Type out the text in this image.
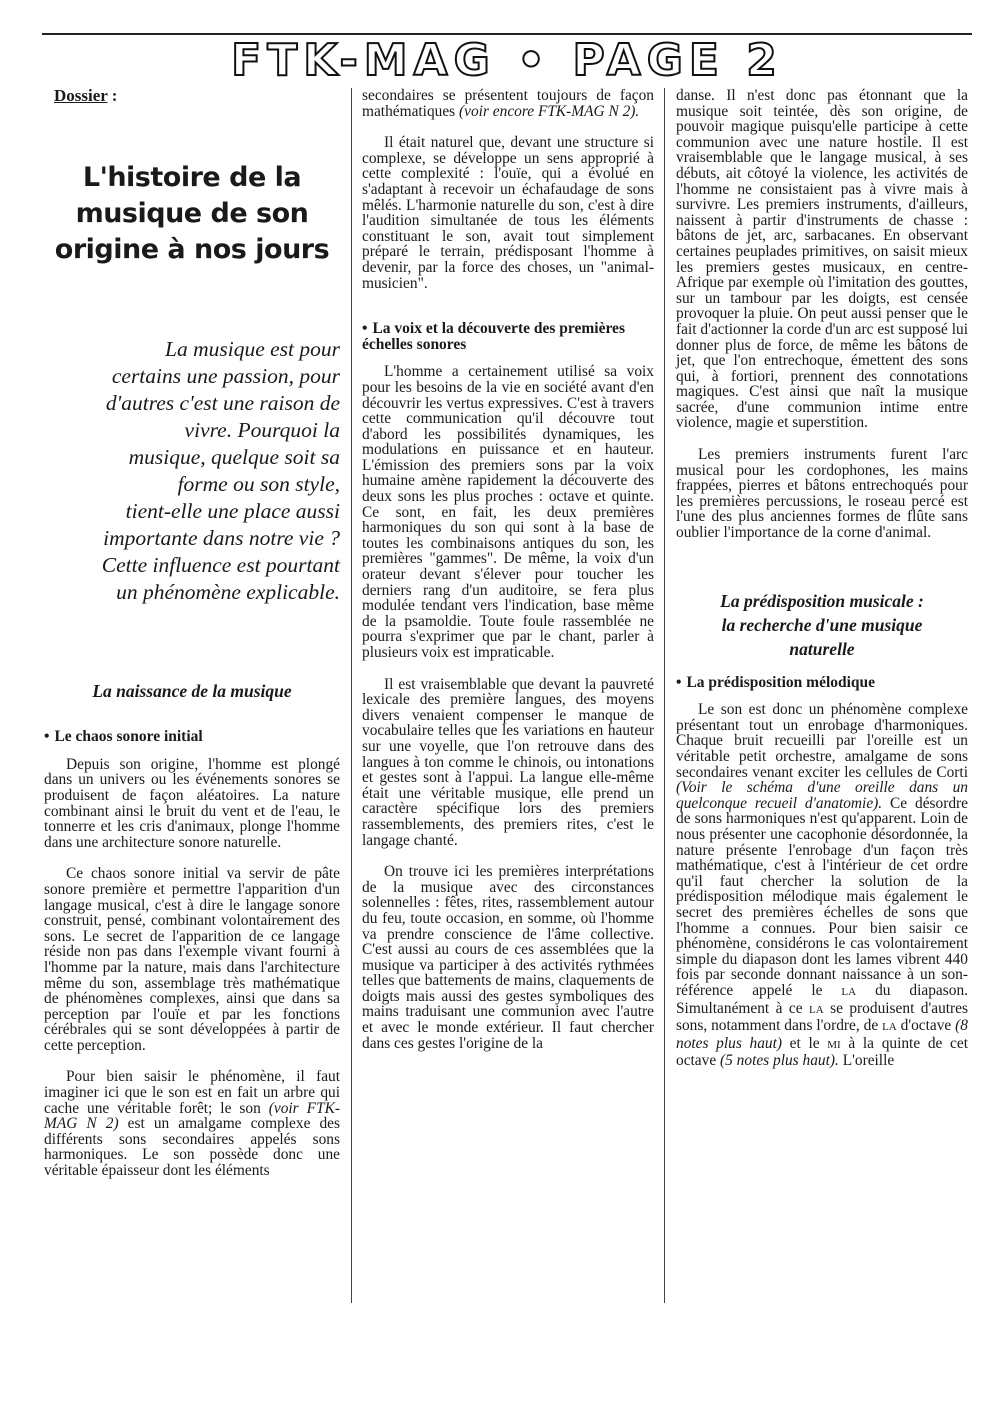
FTK-MAG • PAGE 2
Dossier :
L'histoire de la
musique de son
origine à nos jours
La musique est pour
certains une passion, pour
d'autres c'est une raison de
vivre. Pourquoi la
musique, quelque soit sa
forme ou son style,
tient-elle une place aussi
importante dans notre vie ?
Cette influence est pourtant
un phénomène explicable.

La naissance de la musique

• Le chaos sonore initial

Depuis son origine, l'homme est plongé dans un univers ou les événements sonores se produisent de façon aléatoires. La nature combinant ainsi le bruit du vent et de l'eau, le tonnerre et les cris d'animaux, plonge l'homme dans une architecture sonore naturelle.

Ce chaos sonore initial va servir de pâte sonore première et permettre l'apparition d'un langage musical, c'est à dire le langage sonore construit, pensé, combinant volontairement des sons. Le secret de l'apparition de ce langage réside non pas dans l'exemple vivant fourni à l'homme par la nature, mais dans l'architecture même du son, assemblage très mathématique de phénomènes complexes, ainsi que dans sa perception par l'ouïe et par les fonctions cérébrales qui se sont développées à partir de cette perception.

Pour bien saisir le phénomène, il faut imaginer ici que le son est en fait un arbre qui cache une véritable forêt; le son (voir FTK-MAG N 2) est un amalgame complexe des différents sons secondaires appelés sons harmoniques. Le son possède donc une véritable épaisseur dont les éléments

secondaires se présentent toujours de façon mathématiques (voir encore FTK-MAG N 2).

Il était naturel que, devant une structure si complexe, se développe un sens approprié à cette complexité : l'ouïe, qui a évolué en s'adaptant à recevoir un échafaudage de sons mêlés. L'harmonie naturelle du son, c'est à dire l'audition simultanée de tous les éléments constituant le son, avait tout simplement préparé le terrain, prédisposant l'homme à devenir, par la force des choses, un "animal-musicien".

• La voix et la découverte des premières échelles sonores

L'homme a certainement utilisé sa voix pour les besoins de la vie en société avant d'en découvrir les vertus expressives. C'est à travers cette communication qu'il découvre tout d'abord les possibilités dynamiques, les modulations en puissance et en hauteur. L'émission des premiers sons par la voix humaine amène rapidement la découverte des deux sons les plus proches : octave et quinte. Ce sont, en fait, les deux premières harmoniques du son qui sont à la base de toutes les combinaisons antiques du son, les premières "gammes". De même, la voix d'un orateur devant s'élever pour toucher les derniers rang d'un auditoire, se fera plus modulée tendant vers l'indication, base même de la psamoldie. Toute foule rassemblée ne pourra s'exprimer que par le chant, parler à plusieurs voix est impraticable.

Il est vraisemblable que devant la pauvreté lexicale des première langues, des moyens divers venaient compenser le manque de vocabulaire telles que les variations en hauteur sur une voyelle, que l'on retrouve dans des langues à ton comme le chinois, ou intonations et gestes sont à l'appui. La langue elle-même était une véritable musique, elle prend un caractère spécifique lors des premiers rassemblements, des premiers rites, c'est le langage chanté.

On trouve ici les premières interprétations de la musique avec des circonstances solennelles : fêtes, rites, rassemblement autour du feu, toute occasion, en somme, où l'homme va prendre conscience de l'âme collective. C'est aussi au cours de ces assemblées que la musique va participer à des activités rythmées telles que battements de mains, claquements de doigts mais aussi des gestes symboliques des mains traduisant une communion avec l'autre et avec le monde extérieur. Il faut chercher dans ces gestes l'origine de la

danse. Il n'est donc pas étonnant que la musique soit teintée, dès son origine, de pouvoir magique puisqu'elle participe à cette communion avec une nature hostile. Il est vraisemblable que le langage musical, à ses débuts, ait côtoyé la violence, les activités de l'homme ne consistaient pas à vivre mais à survivre. Les premiers instruments, d'ailleurs, naissent à partir d'instruments de chasse : bâtons de jet, arc, sarbacanes. En observant certaines peuplades primitives, on saisit mieux les premiers gestes musicaux, en centre-Afrique par exemple où l'imitation des gouttes, sur un tambour par les doigts, est censée provoquer la pluie. On peut aussi penser que le fait d'actionner la corde d'un arc est supposé lui donner plus de force, de même les bâtons de jet, que l'on entrechoque, émettent des sons qui, à fortiori, prennent des connotations magiques. C'est ainsi que naît la musique sacrée, d'une communion intime entre violence, magie et superstition.

Les premiers instruments furent l'arc musical pour les cordophones, les mains frappées, pierres et bâtons entrechoqués pour les premières percussions, le roseau percé est l'une des plus anciennes formes de flûte sans oublier l'importance de la corne d'animal.

La prédisposition musicale :
la recherche d'une musique
naturelle

• La prédisposition mélodique

Le son est donc un phénomène complexe présentant tout un enrobage d'harmoniques. Chaque bruit recueilli par l'oreille est un véritable petit orchestre, amalgame de sons secondaires venant exciter les cellules de Corti (Voir le schéma d'une oreille dans un quelconque recueil d'anatomie). Ce désordre de sons harmoniques n'est qu'apparent. Loin de nous présenter une cacophonie désordonnée, la nature présente l'enrobage d'un façon très mathématique, c'est à l'intérieur de cet ordre qu'il faut chercher la solution de la prédisposition mélodique mais également le secret des premières échelles de sons que l'homme a connues. Pour bien saisir ce phénomène, considérons le cas volontairement simple du diapason dont les lames vibrent 440 fois par seconde donnant naissance à un son-référence appelé le LA du diapason. Simultanément à ce LA se produisent d'autres sons, notamment dans l'ordre, de LA d'octave (8 notes plus haut) et le MI à la quinte de cet octave (5 notes plus haut). L'oreille
